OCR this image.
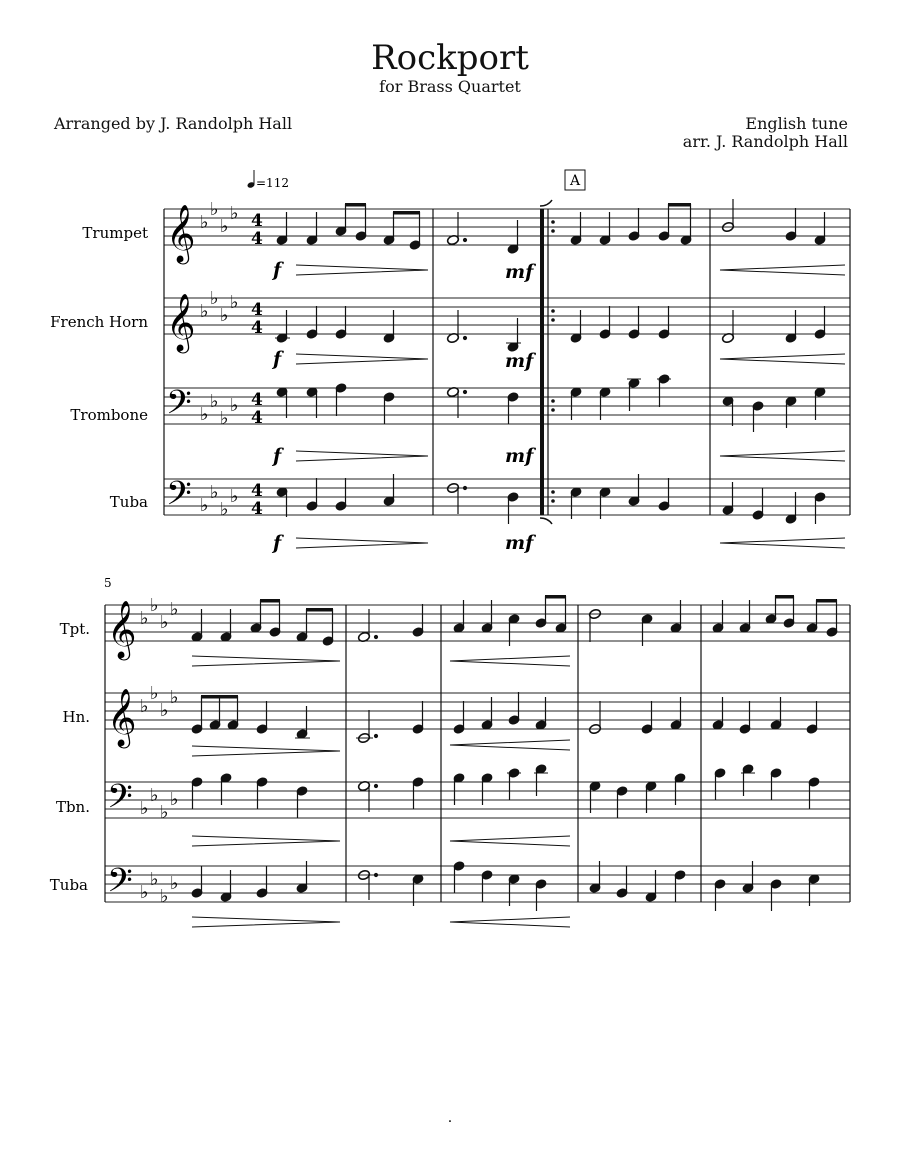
Rockport
for Brass Quartet
Arranged by J. Randolph Hall	English tune
arr. J. Randolph Hall
=112	A
Trumpet
French Horn
Trombone
Tuba
𝄞
𝄞
𝄢
𝄢
♭
♭
♭
♭
♭
♭
♭
♭
♭
♭
♭
♭
♭
♭
♭
♭
4
4
4
4
4
4
4
4
f	mf
f	mf
f	mf
f	mf
5
Tpt.
Hn.
Tbn.
Tuba
𝄞
𝄞
𝄢
𝄢
♭
♭
♭
♭
♭
♭
♭
♭
♭
♭
♭
♭
♭
♭
♭
♭
.
